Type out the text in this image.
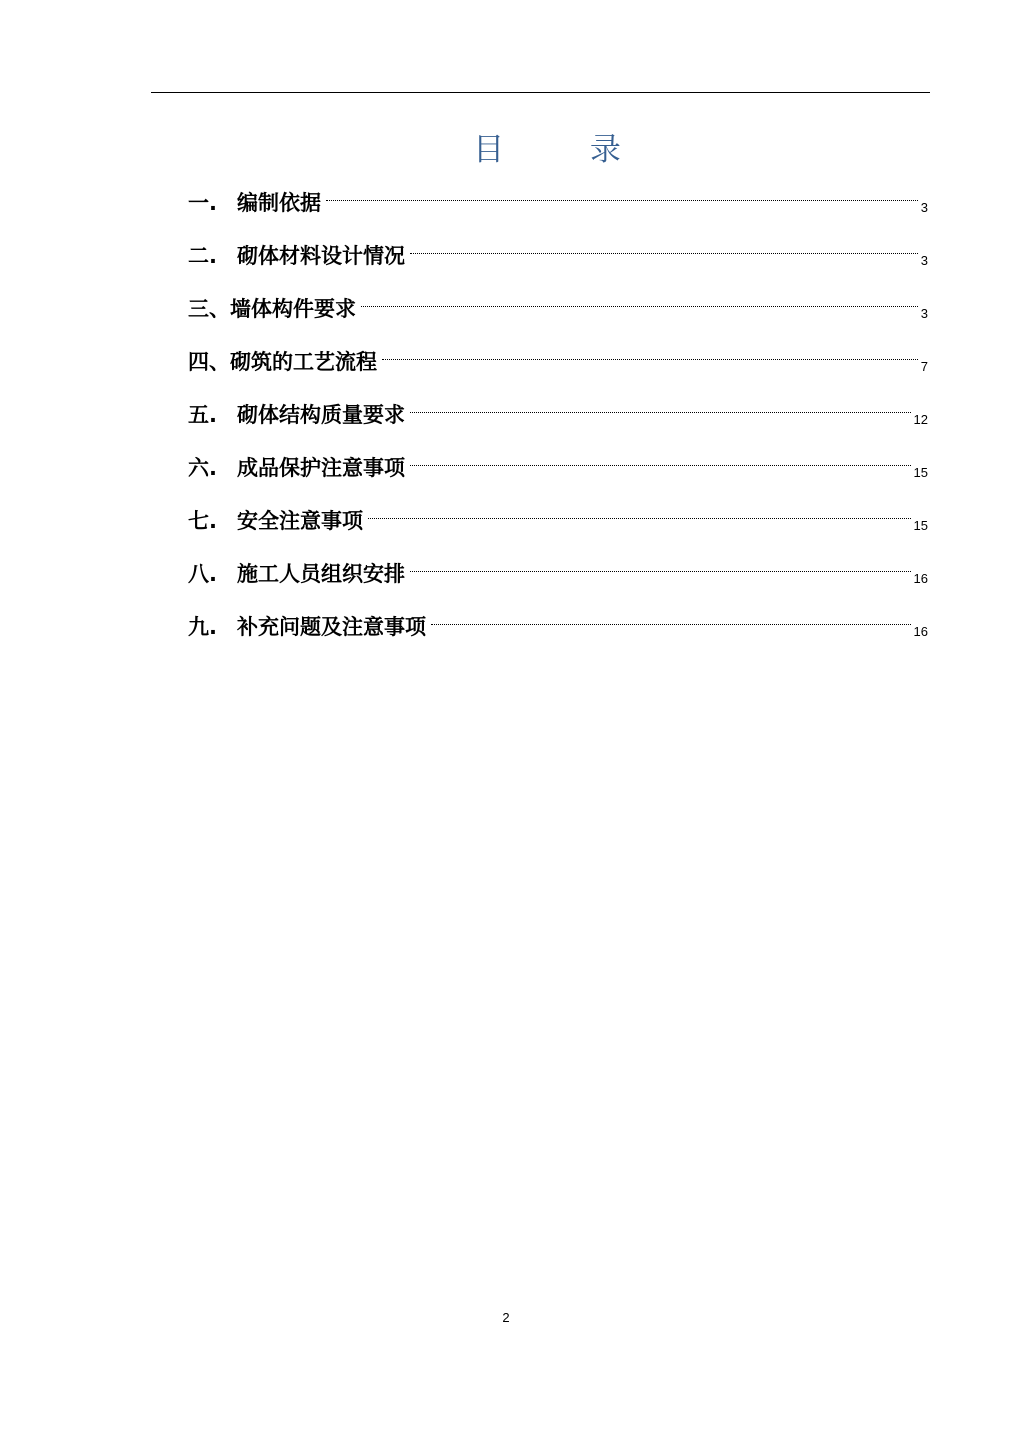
目 录
一. 编制依据	3
二. 砌体材料设计情况	3
三、 墙体构件要求	3
四、 砌筑的工艺流程	7
五. 砌体结构质量要求	12
六. 成品保护注意事项	15
七. 安全注意事项	15
八. 施工人员组织安排	16
九. 补充问题及注意事项	16
2
